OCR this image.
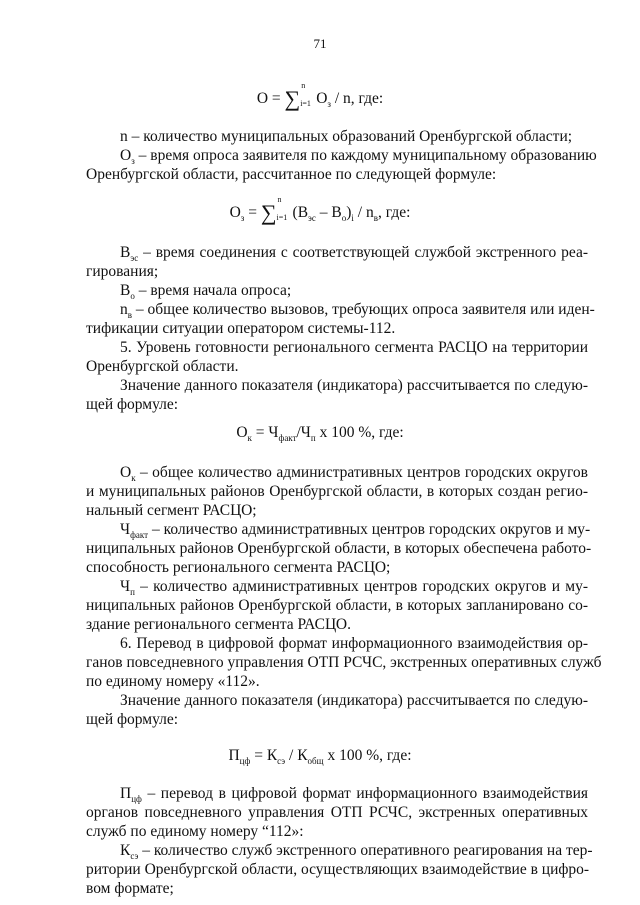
71
O = ∑
n
i=1 $O_з$ / n, где:
n – количество муниципальных образований Оренбургской области;
$О_з$ – время опроса заявителя по каждому муниципальному образованию
Оренбургской области, рассчитанное по следующей формуле:
$О_з$ = ∑
n
i=1 $(В_{эс} - В_о)_i / n_в$, где:
$В_{эс}$ – время соединения с соответствующей службой экстренного реа-
гирования;
$В_о$ – время начала опроса;
$n_в$ – общее количество вызовов, требующих опроса заявителя или иден-
тификации ситуации оператором системы-112.
5. Уровень готовности регионального сегмента РАСЦО на территории
Оренбургской области.
Значение данного показателя (индикатора) рассчитывается по следую-
щей формуле:
$О_к = Ч_{факт}/Ч_п$ х 100 %, где:
$О_к$ – общее количество административных центров городских округов
и муниципальных районов Оренбургской области, в которых создан регио-
нальный сегмент РАСЦО;
$Ч_{факт}$ – количество административных центров городских округов и му-
ниципальных районов Оренбургской области, в которых обеспечена работо-
способность регионального сегмента РАСЦО;
$Ч_п$ – количество административных центров городских округов и му-
ниципальных районов Оренбургской области, в которых запланировано со-
здание регионального сегмента РАСЦО.
6. Перевод в цифровой формат информационного взаимодействия ор-
ганов повседневного управления ОТП РСЧС, экстренных оперативных служб
по единому номеру «112».
Значение данного показателя (индикатора) рассчитывается по следую-
щей формуле:
$П_{цф} = К_{сэ} / К_{общ}$ х 100 %, где:
$П_{цф}$ – перевод в цифровой формат информационного взаимодействия
органов повседневного управления ОТП РСЧС, экстренных оперативных
служб по единому номеру “112»:
$К_{сэ}$ – количество служб экстренного оперативного реагирования на тер-
ритории Оренбургской области, осуществляющих взаимодействие в цифро-
вом формате;
